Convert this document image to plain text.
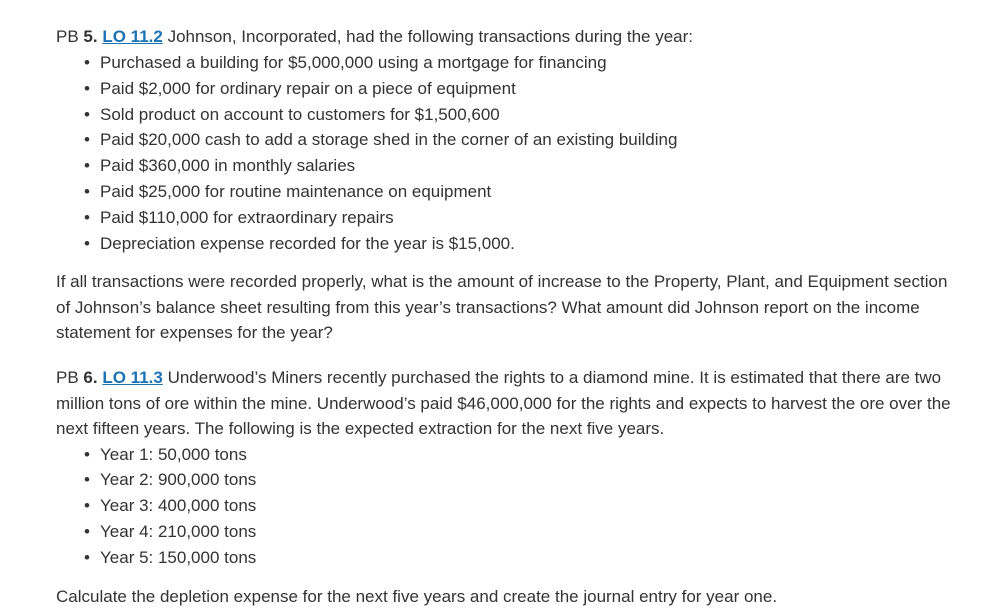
PB 5. LO 11.2 Johnson, Incorporated, had the following transactions during the year:

• Purchased a building for $5,000,000 using a mortgage for financing
• Paid $2,000 for ordinary repair on a piece of equipment
• Sold product on account to customers for $1,500,600
• Paid $20,000 cash to add a storage shed in the corner of an existing building
• Paid $360,000 in monthly salaries
• Paid $25,000 for routine maintenance on equipment
• Paid $110,000 for extraordinary repairs
• Depreciation expense recorded for the year is $15,000.

If all transactions were recorded properly, what is the amount of increase to the Property, Plant, and Equipment section of Johnson’s balance sheet resulting from this year’s transactions? What amount did Johnson report on the income statement for expenses for the year?

PB 6. LO 11.3 Underwood’s Miners recently purchased the rights to a diamond mine. It is estimated that there are two million tons of ore within the mine. Underwood’s paid $46,000,000 for the rights and expects to harvest the ore over the next fifteen years. The following is the expected extraction for the next five years.

• Year 1: 50,000 tons
• Year 2: 900,000 tons
• Year 3: 400,000 tons
• Year 4: 210,000 tons
• Year 5: 150,000 tons

Calculate the depletion expense for the next five years and create the journal entry for year one.
